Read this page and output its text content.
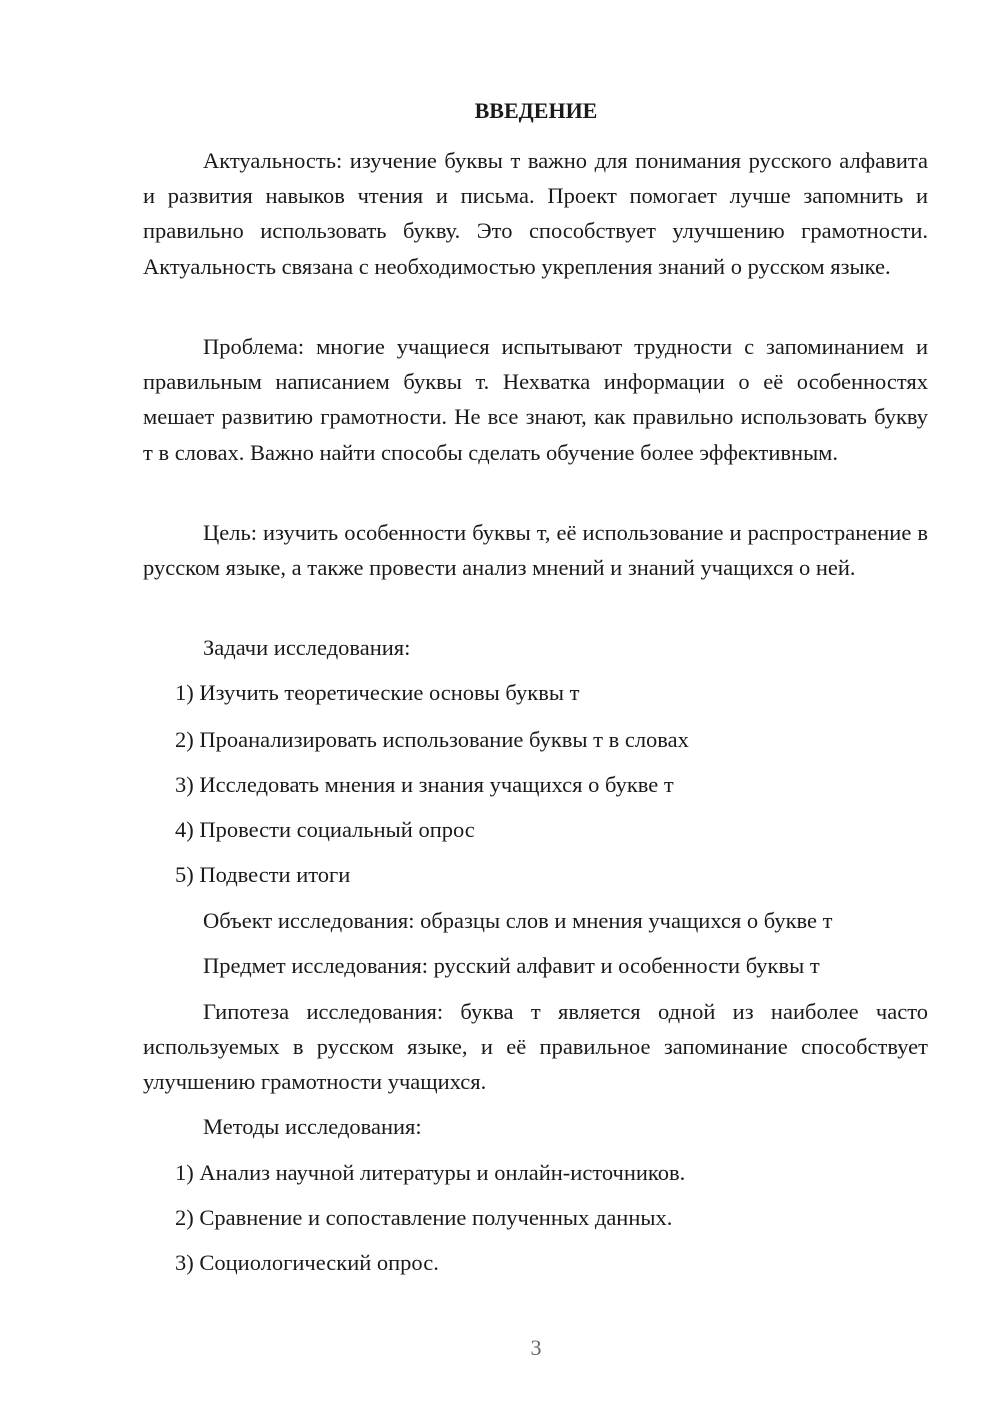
ВВЕДЕНИЕ

Актуальность: изучение буквы т важно для понимания русского алфавита и развития навыков чтения и письма. Проект помогает лучше запомнить и правильно использовать букву. Это способствует улучшению грамотности. Актуальность связана с необходимостью укрепления знаний о русском языке.

Проблема: многие учащиеся испытывают трудности с запоминанием и правильным написанием буквы т. Нехватка информации о её особенностях мешает развитию грамотности. Не все знают, как правильно использовать букву т в словах. Важно найти способы сделать обучение более эффективным.

Цель: изучить особенности буквы т, её использование и распространение в русском языке, а также провести анализ мнений и знаний учащихся о ней.

Задачи исследования:
1) Изучить теоретические основы буквы т
2) Проанализировать использование буквы т в словах
3) Исследовать мнения и знания учащихся о букве т
4) Провести социальный опрос
5) Подвести итоги
Объект исследования: образцы слов и мнения учащихся о букве т
Предмет исследования: русский алфавит и особенности буквы т

Гипотеза исследования: буква т является одной из наиболее часто используемых в русском языке, и её правильное запоминание способствует улучшению грамотности учащихся.

Методы исследования:
1) Анализ научной литературы и онлайн-источников.
2) Сравнение и сопоставление полученных данных.
3) Социологический опрос.
3
